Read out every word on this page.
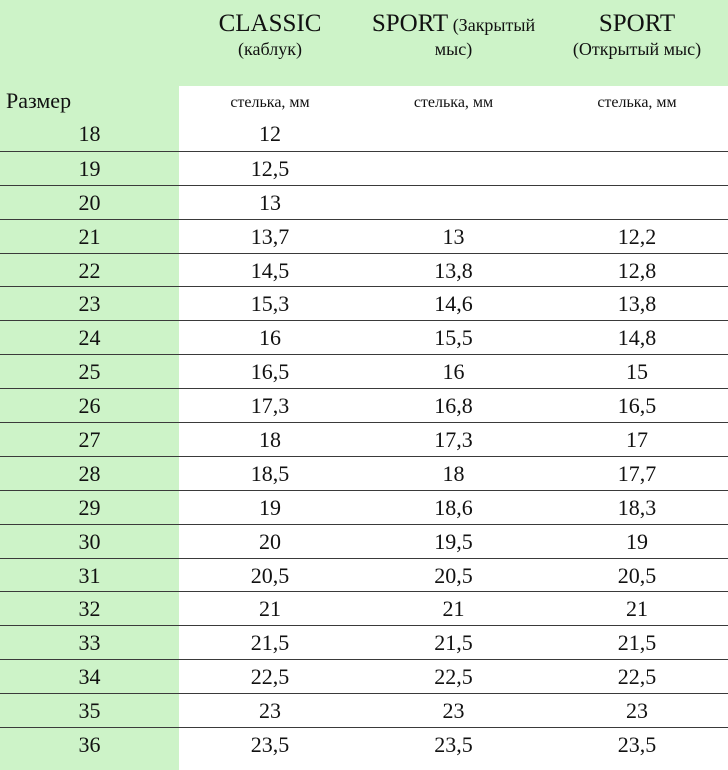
CLASSIC
(каблук)
SPORT (Закрытый
мыс)
SPORT
(Открытый мыс)
Размер	стелька, мм	стелька, мм	стелька, мм
18	12
19	12,5
20	13
21	13,7	13	12,2
22	14,5	13,8	12,8
23	15,3	14,6	13,8
24	16	15,5	14,8
25	16,5	16	15
26	17,3	16,8	16,5
27	18	17,3	17
28	18,5	18	17,7
29	19	18,6	18,3
30	20	19,5	19
31	20,5	20,5	20,5
32	21	21	21
33	21,5	21,5	21,5
34	22,5	22,5	22,5
35	23	23	23
36	23,5	23,5	23,5
